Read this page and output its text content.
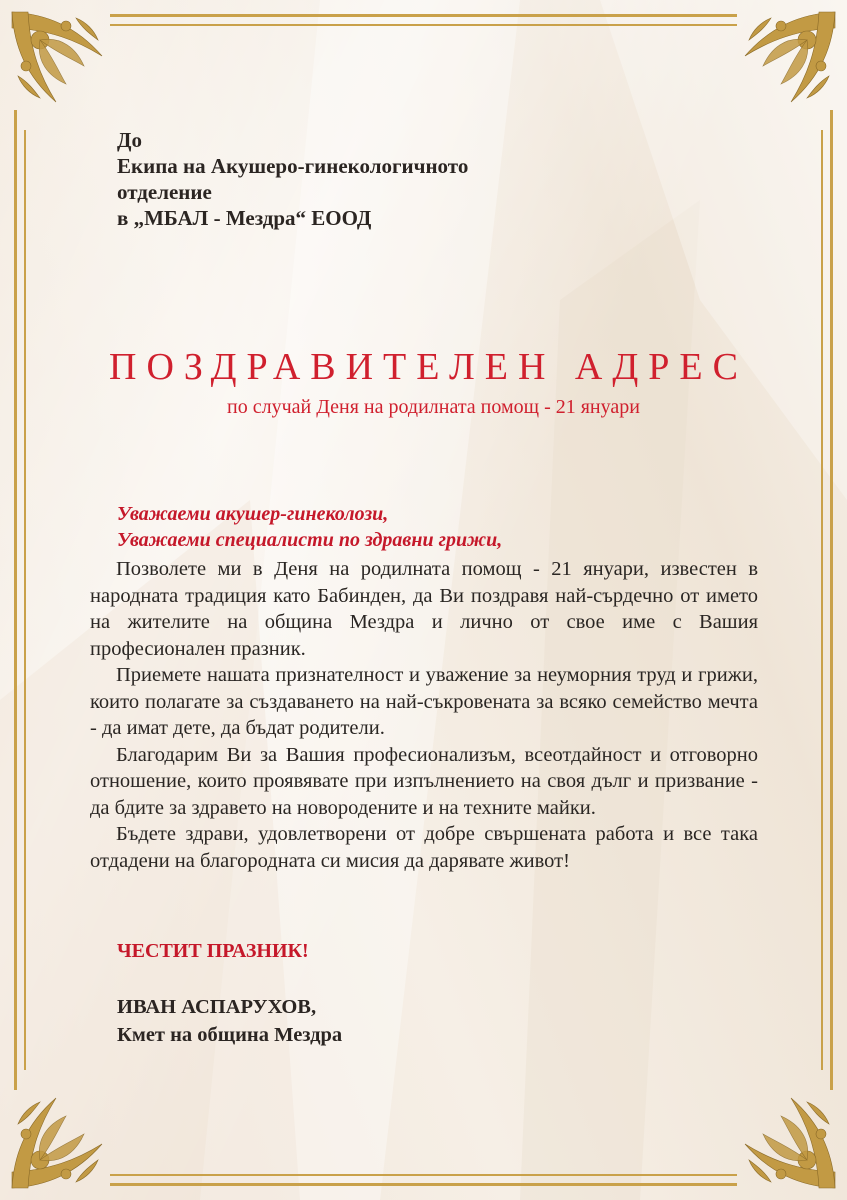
До
Екипа на Акушеро-гинекологичното
отделение
в „МБАЛ - Мездра“ ЕООД
ПОЗДРАВИТЕЛЕН АДРЕС
по случай Деня на родилната помощ - 21 януари
Уважаеми акушер-гинеколози,
Уважаеми специалисти по здравни грижи,

Позволете ми в Деня на родилната помощ - 21 януари, известен в народната традиция като Бабинден, да Ви поздравя най-сърдечно от името на жителите на община Мездра и лично от свое име с Вашия професионален празник.

Приемете нашата признателност и уважение за неуморния труд и грижи, които полагате за създаването на най-съкровената за всяко семейство мечта - да имат дете, да бъдат родители.

Благодарим Ви за Вашия професионализъм, всеотдайност и отговорно отношение, които проявявате при изпълнението на своя дълг и призвание - да бдите за здравето на новородените и на техните майки.

Бъдете здрави, удовлетворени от добре свършената работа и все така отдадени на благородната си мисия да дарявате живот!

ЧЕСТИТ ПРАЗНИК!
ИВАН АСПАРУХОВ,
Кмет на община Мездра
